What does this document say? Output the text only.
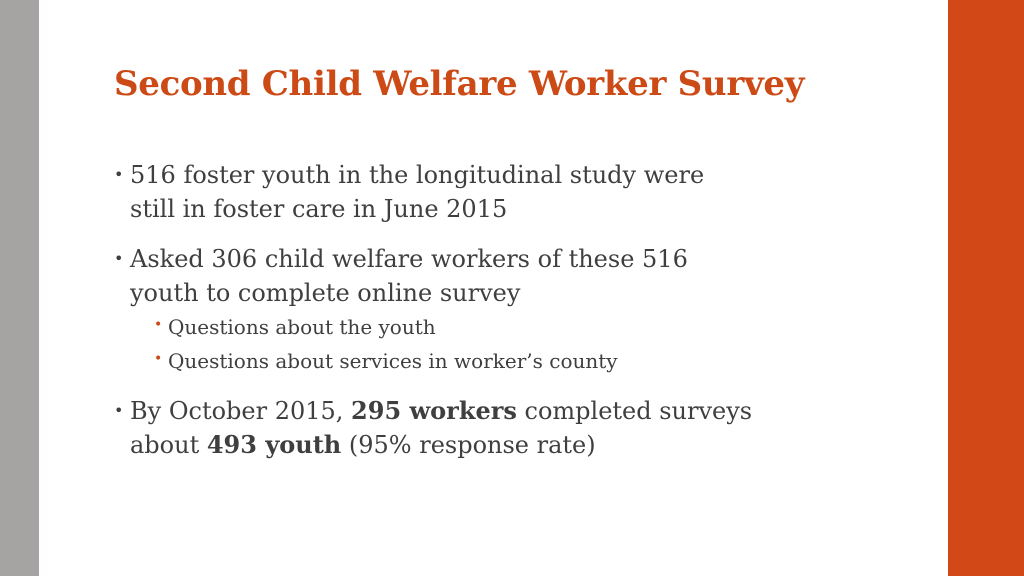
Second Child Welfare Worker Survey
• 516 foster youth in the longitudinal study were
still in foster care in June 2015
• Asked 306 child welfare workers of these 516
youth to complete online survey
• Questions about the youth
• Questions about services in worker’s county
• By October 2015, 295 workers completed surveys
about 493 youth (95% response rate)
